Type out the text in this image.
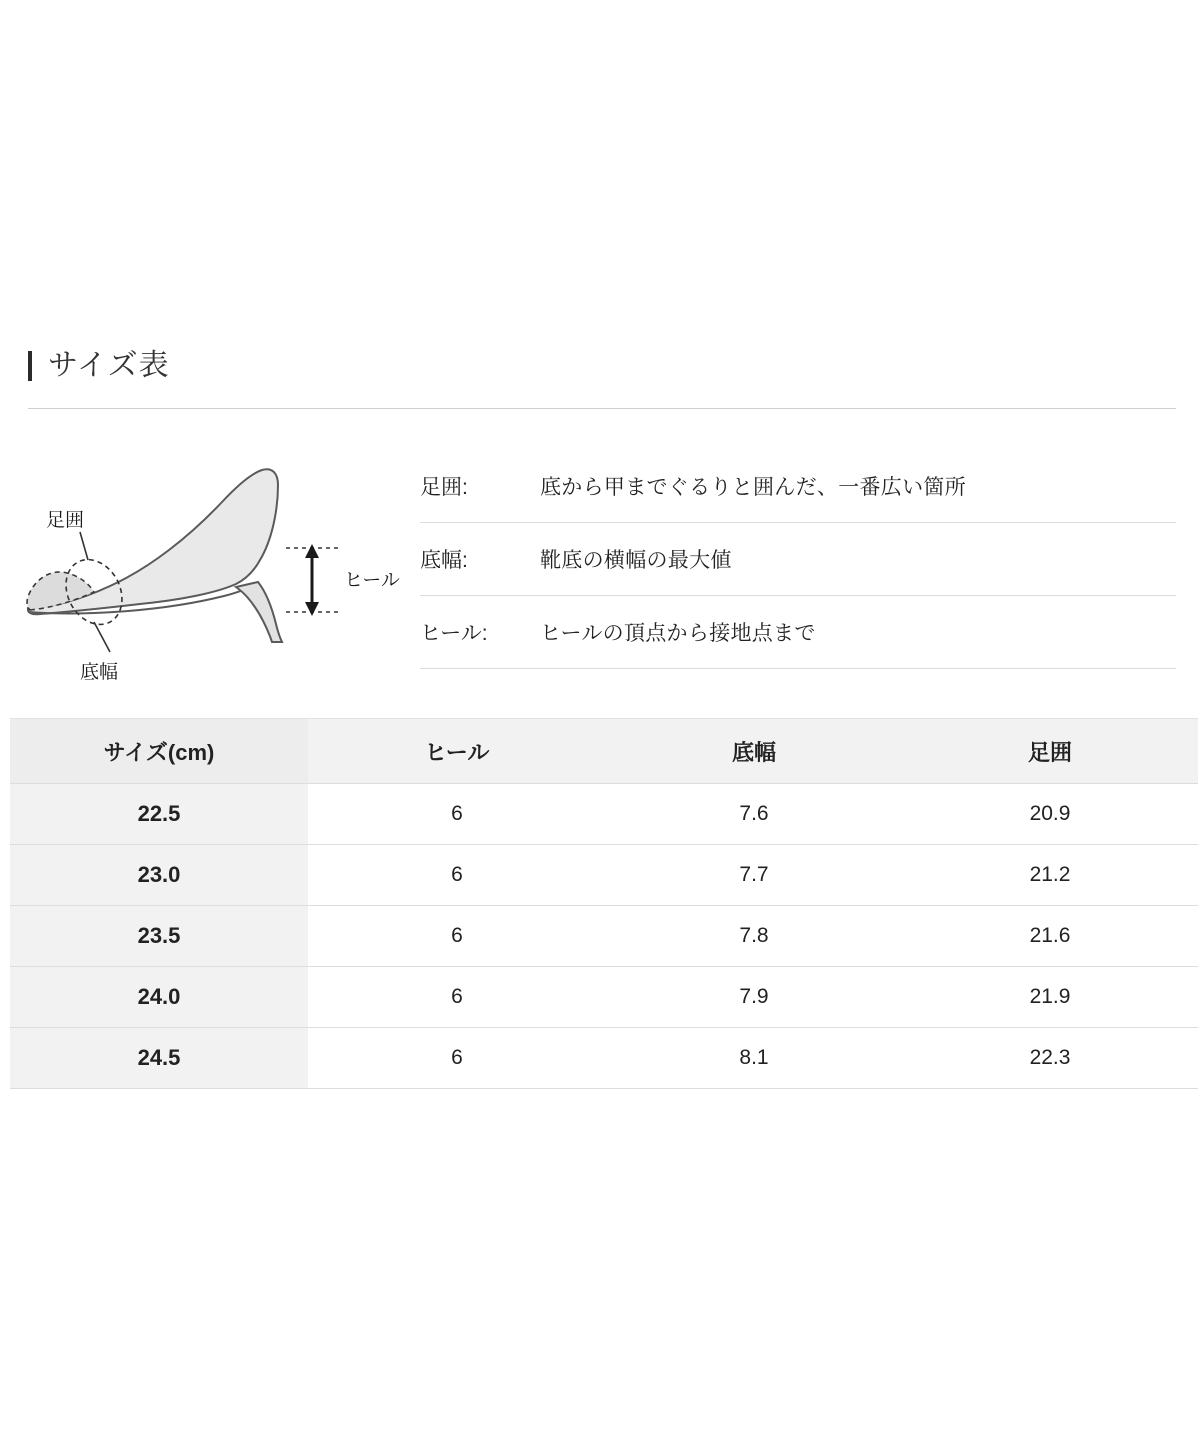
サイズ表
足囲
底幅
ヒール
足囲:	底から甲までぐるりと囲んだ、一番広い箇所
底幅:	靴底の横幅の最大値
ヒール:	ヒールの頂点から接地点まで
サイズ(cm)	ヒール	底幅	足囲
22.5	6	7.6	20.9
23.0	6	7.7	21.2
23.5	6	7.8	21.6
24.0	6	7.9	21.9
24.5	6	8.1	22.3
